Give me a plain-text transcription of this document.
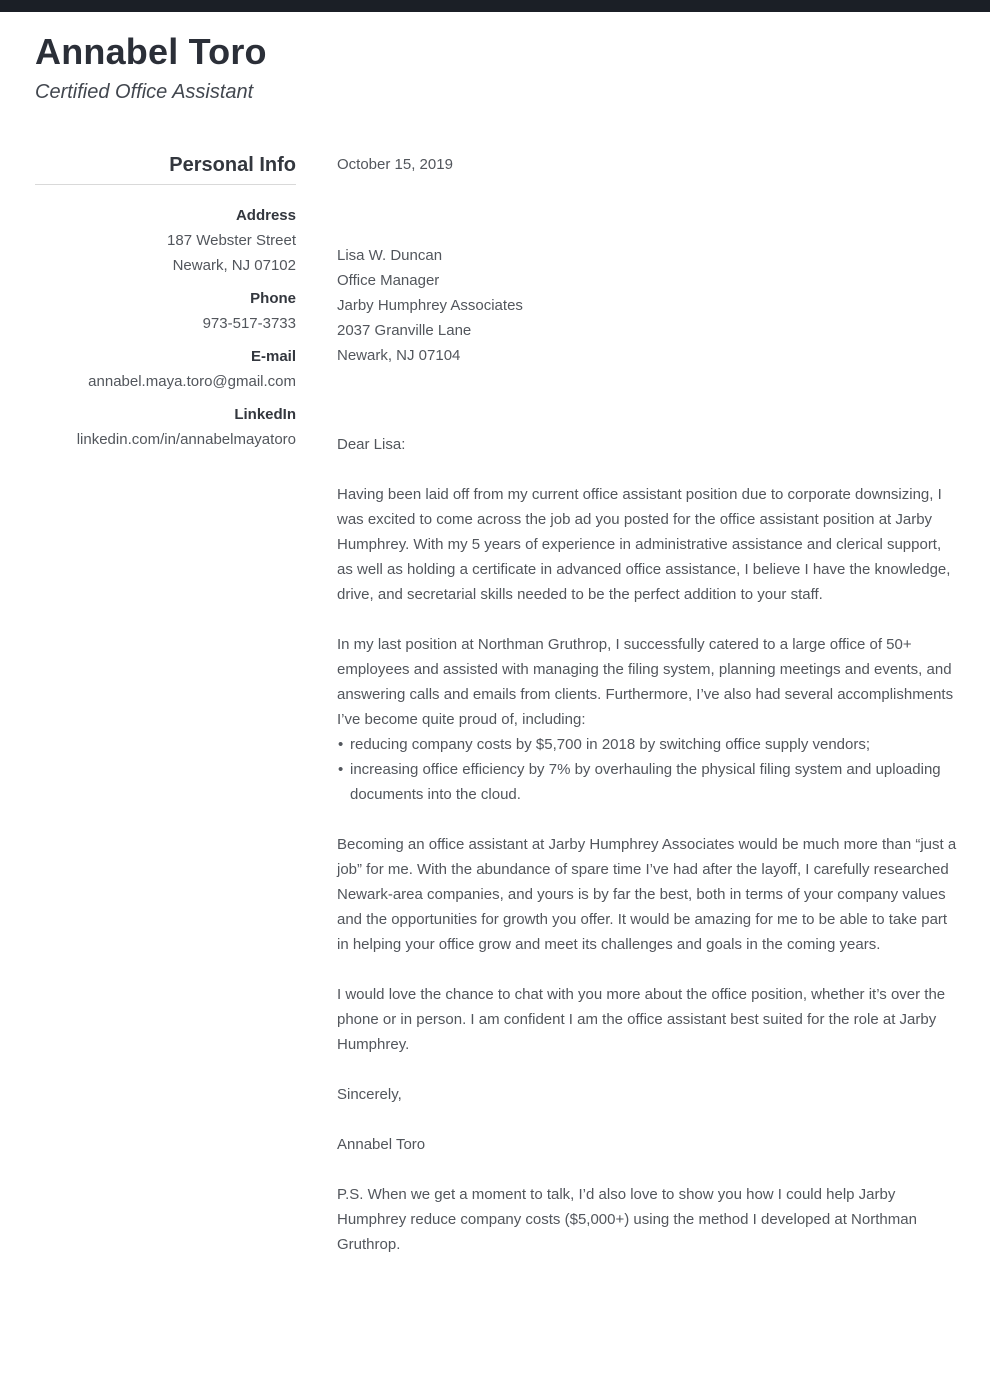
Annabel Toro
Certified Office Assistant
Personal Info
Address
187 Webster Street
Newark, NJ 07102
Phone
973-517-3733
E-mail
annabel.maya.toro@gmail.com
LinkedIn
linkedin.com/in/annabelmayatoro
October 15, 2019
Lisa W. Duncan
Office Manager
Jarby Humphrey Associates
2037 Granville Lane
Newark, NJ 07104

Dear Lisa:

Having been laid off from my current office assistant position due to corporate downsizing, I was excited to come across the job ad you posted for the office assistant position at Jarby Humphrey. With my 5 years of experience in administrative assistance and clerical support, as well as holding a certificate in advanced office assistance, I believe I have the knowledge, drive, and secretarial skills needed to be the perfect addition to your staff.

In my last position at Northman Gruthrop, I successfully catered to a large office of 50+ employees and assisted with managing the filing system, planning meetings and events, and answering calls and emails from clients. Furthermore, I’ve also had several accomplishments I’ve become quite proud of, including:

• reducing company costs by $5,700 in 2018 by switching office supply vendors;
• increasing office efficiency by 7% by overhauling the physical filing system and uploading documents into the cloud.

Becoming an office assistant at Jarby Humphrey Associates would be much more than “just a job” for me. With the abundance of spare time I’ve had after the layoff, I carefully researched Newark-area companies, and yours is by far the best, both in terms of your company values and the opportunities for growth you offer. It would be amazing for me to be able to take part in helping your office grow and meet its challenges and goals in the coming years.

I would love the chance to chat with you more about the office position, whether it’s over the phone or in person. I am confident I am the office assistant best suited for the role at Jarby Humphrey.

Sincerely,

Annabel Toro

P.S. When we get a moment to talk, I’d also love to show you how I could help Jarby Humphrey reduce company costs ($5,000+) using the method I developed at Northman Gruthrop.
